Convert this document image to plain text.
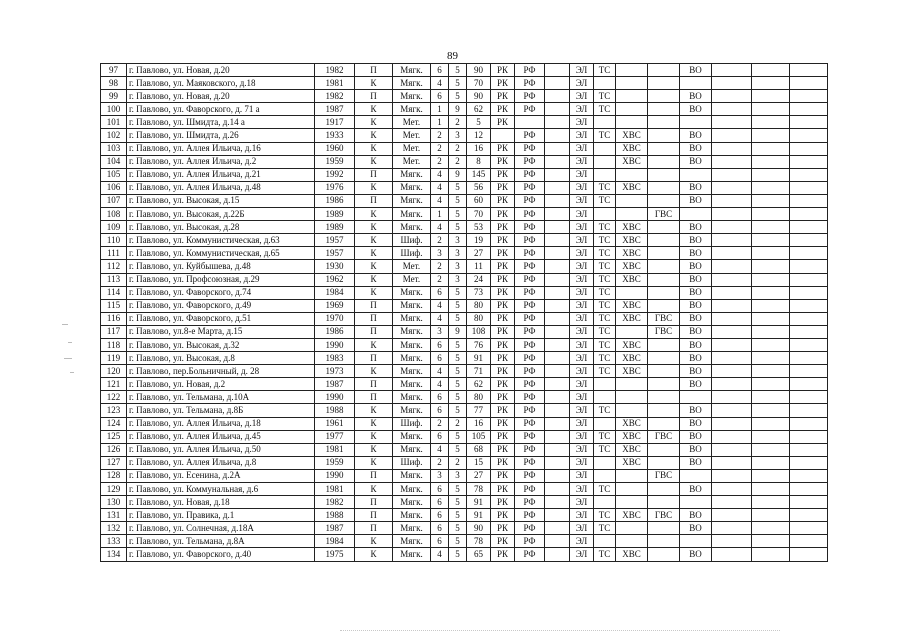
89
97	г. Павлово, ул. Новая, д.20	1982	П	Мягк.	6	5	90	РК	РФ		ЭЛ	ТС			ВО			
98	г. Павлово, ул. Маяковского, д.18	1981	К	Мягк.	4	5	70	РК	РФ		ЭЛ							
99	г. Павлово, ул. Новая, д.20	1982	П	Мягк.	6	5	90	РК	РФ		ЭЛ	ТС			ВО			
100	г. Павлово, ул. Фаворского, д. 71 а	1987	К	Мягк.	1	9	62	РК	РФ		ЭЛ	ТС			ВО			
101	г. Павлово, ул. Шмидта, д.14 а	1917	К	Мет.	1	2	5	РК			ЭЛ							
102	г. Павлово, ул. Шмидта, д.26	1933	К	Мет.	2	3	12		РФ		ЭЛ	ТС	ХВС		ВО			
103	г. Павлово, ул. Аллея Ильича, д.16	1960	К	Мет.	2	2	16	РК	РФ		ЭЛ		ХВС		ВО			
104	г. Павлово, ул. Аллея Ильича, д.2	1959	К	Мет.	2	2	8	РК	РФ		ЭЛ		ХВС		ВО			
105	г. Павлово, ул. Аллея Ильича, д.21	1992	П	Мягк.	4	9	145	РК	РФ		ЭЛ							
106	г. Павлово, ул. Аллея Ильича, д.48	1976	К	Мягк.	4	5	56	РК	РФ		ЭЛ	ТС	ХВС		ВО			
107	г. Павлово, ул. Высокая, д.15	1986	П	Мягк.	4	5	60	РК	РФ		ЭЛ	ТС			ВО			
108	г. Павлово, ул. Высокая, д.22Б	1989	К	Мягк.	1	5	70	РК	РФ		ЭЛ			ГВС				
109	г. Павлово, ул. Высокая, д.28	1989	К	Мягк.	4	5	53	РК	РФ		ЭЛ	ТС	ХВС		ВО			
110	г. Павлово, ул. Коммунистическая, д.63	1957	К	Шиф.	2	3	19	РК	РФ		ЭЛ	ТС	ХВС		ВО			
111	г. Павлово, ул. Коммунистическая, д.65	1957	К	Шиф.	3	3	27	РК	РФ		ЭЛ	ТС	ХВС		ВО			
112	г. Павлово, ул. Куйбышева, д.48	1930	К	Мет.	2	3	11	РК	РФ		ЭЛ	ТС	ХВС		ВО			
113	г. Павлово, ул. Профсоюзная, д.29	1962	К	Мет.	2	3	24	РК	РФ		ЭЛ	ТС	ХВС		ВО			
114	г. Павлово, ул. Фаворского, д.74	1984	К	Мягк.	6	5	73	РК	РФ		ЭЛ	ТС			ВО			
115	г. Павлово, ул. Фаворского, д.49	1969	П	Мягк.	4	5	80	РК	РФ		ЭЛ	ТС	ХВС		ВО			
116	г. Павлово, ул. Фаворского, д.51	1970	П	Мягк.	4	5	80	РК	РФ		ЭЛ	ТС	ХВС	ГВС	ВО			
117	г. Павлово, ул.8-е Марта, д.15	1986	П	Мягк.	3	9	108	РК	РФ		ЭЛ	ТС		ГВС	ВО			
118	г. Павлово, ул. Высокая, д.32	1990	К	Мягк.	6	5	76	РК	РФ		ЭЛ	ТС	ХВС		ВО			
119	г. Павлово, ул. Высокая, д.8	1983	П	Мягк.	6	5	91	РК	РФ		ЭЛ	ТС	ХВС		ВО			
120	г. Павлово, пер.Больничный, д. 28	1973	К	Мягк.	4	5	71	РК	РФ		ЭЛ	ТС	ХВС		ВО			
121	г. Павлово, ул. Новая, д.2	1987	П	Мягк.	4	5	62	РК	РФ		ЭЛ				ВО			
122	г. Павлово, ул. Тельмана, д.10А	1990	П	Мягк.	6	5	80	РК	РФ		ЭЛ							
123	г. Павлово, ул. Тельмана, д.8Б	1988	К	Мягк.	6	5	77	РК	РФ		ЭЛ	ТС			ВО			
124	г. Павлово, ул. Аллея Ильича, д.18	1961	К	Шиф.	2	2	16	РК	РФ		ЭЛ		ХВС		ВО			
125	г. Павлово, ул. Аллея Ильича, д.45	1977	К	Мягк.	6	5	105	РК	РФ		ЭЛ	ТС	ХВС	ГВС	ВО			
126	г. Павлово, ул. Аллея Ильича, д.50	1981	К	Мягк.	4	5	68	РК	РФ		ЭЛ	ТС	ХВС		ВО			
127	г. Павлово, ул. Аллея Ильича, д.8	1959	К	Шиф.	2	2	15	РК	РФ		ЭЛ		ХВС		ВО			
128	г. Павлово, ул. Есенина, д.2А	1990	П	Мягк.	3	3	27	РК	РФ		ЭЛ			ГВС				
129	г. Павлово, ул. Коммунальная, д.6	1981	К	Мягк.	6	5	78	РК	РФ		ЭЛ	ТС			ВО			
130	г. Павлово, ул. Новая, д.18	1982	П	Мягк.	6	5	91	РК	РФ		ЭЛ							
131	г. Павлово, ул. Правика, д.1	1988	П	Мягк.	6	5	91	РК	РФ		ЭЛ	ТС	ХВС	ГВС	ВО			
132	г. Павлово, ул. Солнечная, д.18А	1987	П	Мягк.	6	5	90	РК	РФ		ЭЛ	ТС			ВО			
133	г. Павлово, ул. Тельмана, д.8А	1984	К	Мягк.	6	5	78	РК	РФ		ЭЛ							
134	г. Павлово, ул. Фаворского, д.40	1975	К	Мягк.	4	5	65	РК	РФ		ЭЛ	ТС	ХВС		ВО			
